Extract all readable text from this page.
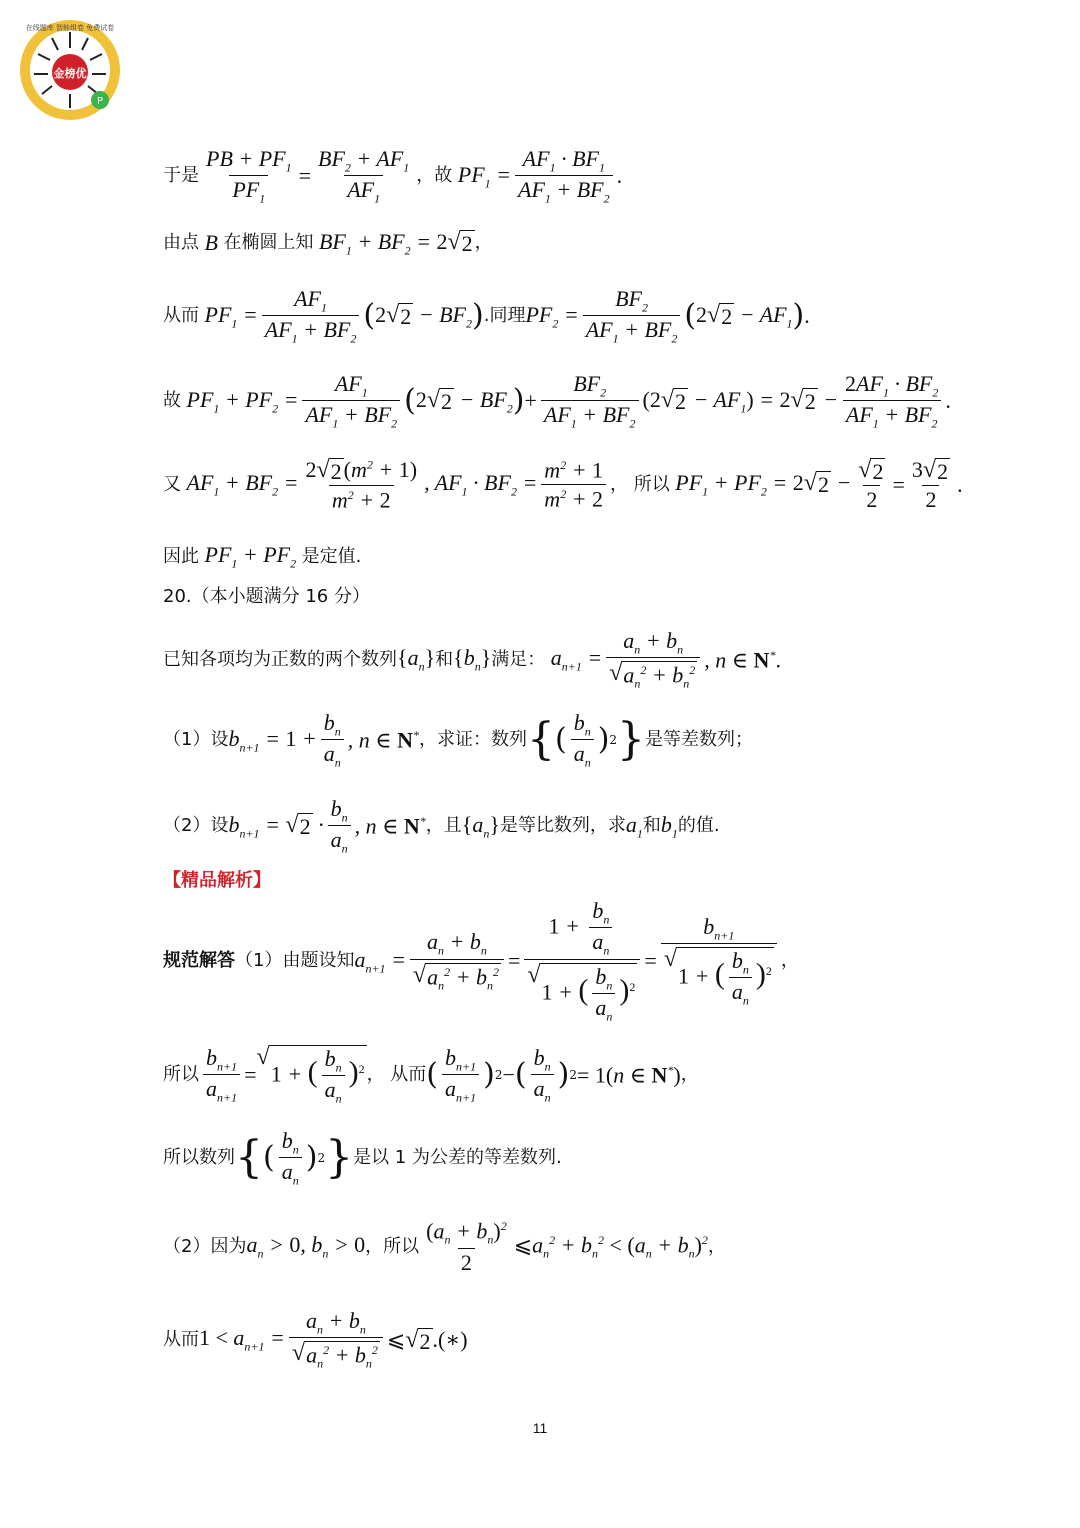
金榜优
P
在线题库 智能组卷 免费试卷
于是 $\frac{PB + PF_1}{PF_1} = \frac{BF_2 + AF_1}{AF_1}$ ，故 $PF_1 = \frac{AF_1 \cdot BF_1}{AF_1 + BF_2}$ .
由点 B 在椭圆上知 $BF_1 + BF_2 = 2$ √ 2 ，
从而 $PF_1 = \frac{AF_1}{AF_1 + BF_2}$ ( 2 √ $2 - BF_2$ ) .同理 $PF_2 = \frac{BF_2}{AF_1 + BF_2}$ ( 2 √ $2 - AF_1$ ) .
故 $PF_1 + PF_2 = \frac{AF_1}{AF_1 + BF_2}$ ( 2 √ $2 - BF_2$ ) + $\frac{BF_2}{AF_1 + BF_2} (2$ √ $2 - AF_1) = 2$ √ $2 - \frac{2AF_1 \cdot BF_2}{AF_1 + BF_2}$ .
又 $AF_1 + BF_2 = \frac{2 √ 2 (m^2 + 1)}{m^2 + 2}$ , $AF_1 \cdot BF_2 = \frac{m^2 + 1}{m^2 + 2}$ ， 所以 $PF_1 + PF_2 = 2$ √ $2 - \frac{√ 2}{2} = \frac{3 √ 2}{2}$ .
因此 $PF_1 + PF_2$ 是定值.
20.（本小题满分 16 分）
已知各项均为正数的两个数列 $\{a_n\}$ 和 $\{b_n\}$ 满足： $a_{n+1} = \frac{a_n + b_n}{√ a_n^2 + b_n^2}$ , n ∈ N*.
（1）设 $b_{n+1} = 1 + \frac{b_n}{a_n}$ , n ∈ N* ，求证：数列 { ( $\frac{b_n}{a_n}$ ) 2 } 是等差数列；
（2）设 $b_{n+1}$ = √ $2 \cdot \frac{b_n}{a_n}$ , n ∈ N* ，且 $\{a_n\}$ 是等比数列，求 $a_1$ 和 $b_1$ 的值.
【精品解析】
规范解答 （1）由题设知 $a_{n+1} = \frac{a_n + b_n}{√ a_n^2 + b_n^2} = 1 + \frac{b_n}{a_n}$
√
1 + ( $\frac{b_n}{a_n} )^2 = b_{n+1}$
√
1 + ( $\frac{b_n}{a_n} )^2$ ，
所以 $\frac{b_{n+1}}{a_{n+1}}$ =
√
1 + ( $\frac{b_n}{a_n} )^2$ ， 从而 ( $\frac{b_{n+1}}{a_{n+1}}$ ) 2 − ( $\frac{b_n}{a_n}$ ) 2 = 1(n ∈ N*) ，
所以数列 { ( $\frac{b_n}{a_n}$ ) 2 } 是以 1 为公差的等差数列.
（2）因为 $a_n > 0$, $b_n > 0$ ，所以 $\frac{(a_n + b_n)^2}{2}$ $⩽a_n^2 + b_n^2 < (a_n + b_n)^2$ ，
从而 $1 < a_{n+1} = \frac{a_n + b_n}{√ a_n^2 + b_n^2}$ ⩽ √ 2 .(∗)
11
